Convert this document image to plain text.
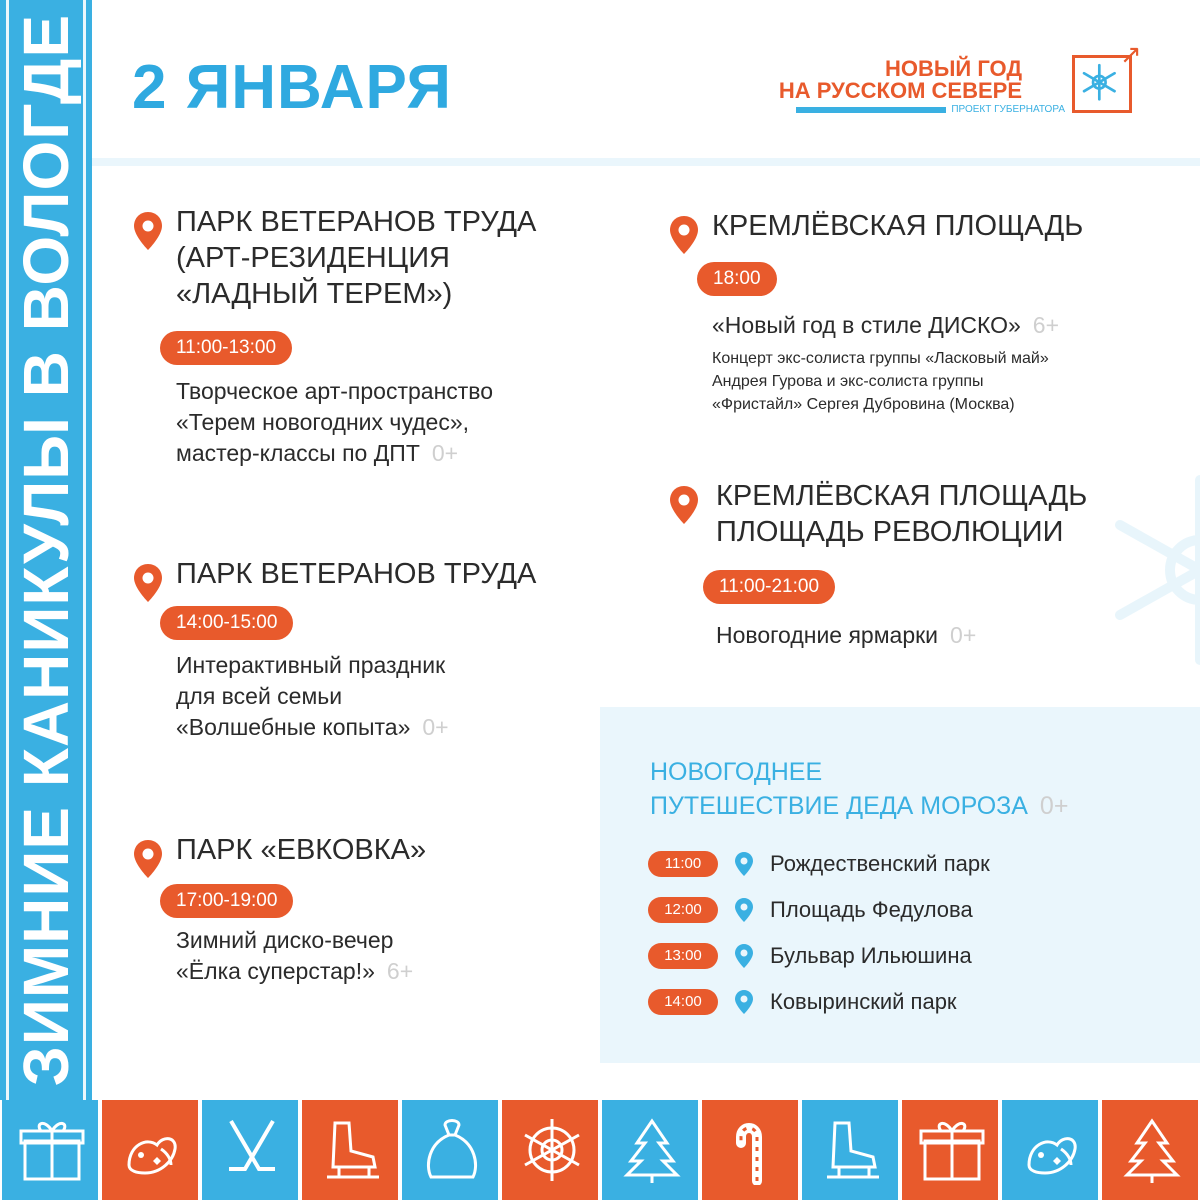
ЗИМНИЕ КАНИКУЛЫ В ВОЛОГДЕ 2 ЯНВАРЯ	НОВЫЙ ГОД
НА РУССКОМ СЕВЕРЕ
ПРОЕКТ ГУБЕРНАТОРА
↗
ПАРК ВЕТЕРАНОВ ТРУДА
(АРТ-РЕЗИДЕНЦИЯ
«ЛАДНЫЙ ТЕРЕМ»)
11:00-13:00
Творческое арт-пространство
«Терем новогодних чудес»,
мастер-классы по ДПТ 0+
ПАРК ВЕТЕРАНОВ ТРУДА
14:00-15:00
Интерактивный праздник
для всей семьи
«Волшебные копыта» 0+
ПАРК «ЕВКОВКА»
17:00-19:00
Зимний диско-вечер
«Ёлка суперстар!» 6+
КРЕМЛЁВСКАЯ ПЛОЩАДЬ
18:00
«Новый год в стиле ДИСКО» 6+
Концерт экс-солиста группы «Ласковый май»
Андрея Гурова и экс-солиста группы
«Фристайл» Сергея Дубровина (Москва)
КРЕМЛЁВСКАЯ ПЛОЩАДЬ
ПЛОЩАДЬ РЕВОЛЮЦИИ
11:00-21:00
Новогодние ярмарки 0+
НОВОГОДНЕЕ
ПУТЕШЕСТВИЕ ДЕДА МОРОЗА 0+
11:00	Рождественский парк
12:00	Площадь Федулова
13:00	Бульвар Ильюшина
14:00	Ковыринский парк
